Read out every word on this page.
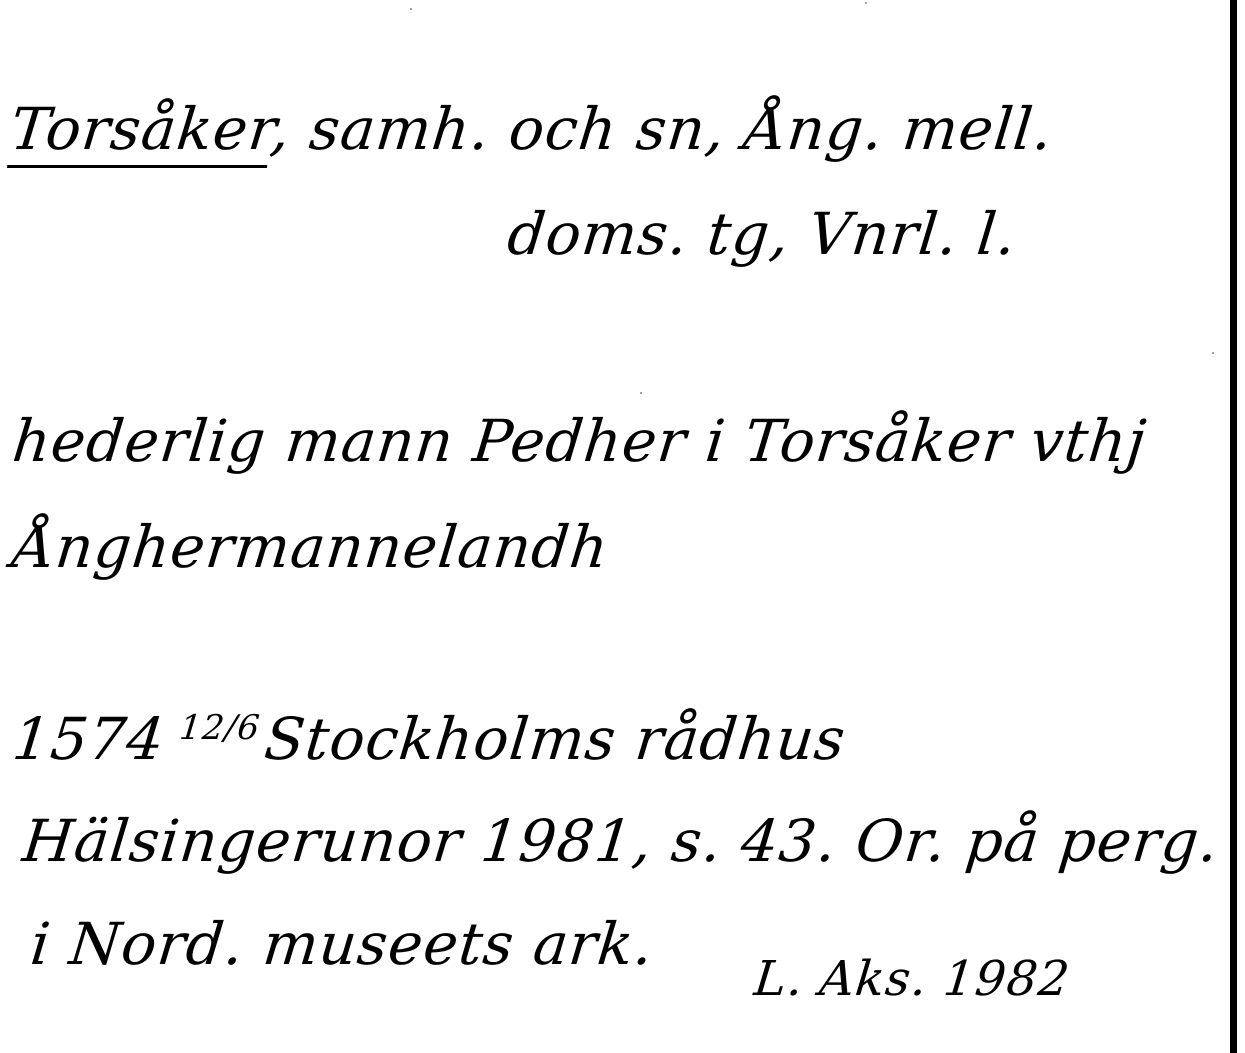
Torsåker, samh. och sn, Ång. mell.
doms. tg, Vnrl. l.
hederlig mann Pedher i Torsåker vthj
Ånghermannelandh
1574 12/6Stockholms rådhus
Hälsingerunor 1981, s. 43. Or. på perg.
i Nord. museets ark.
L. Aks. 1982
